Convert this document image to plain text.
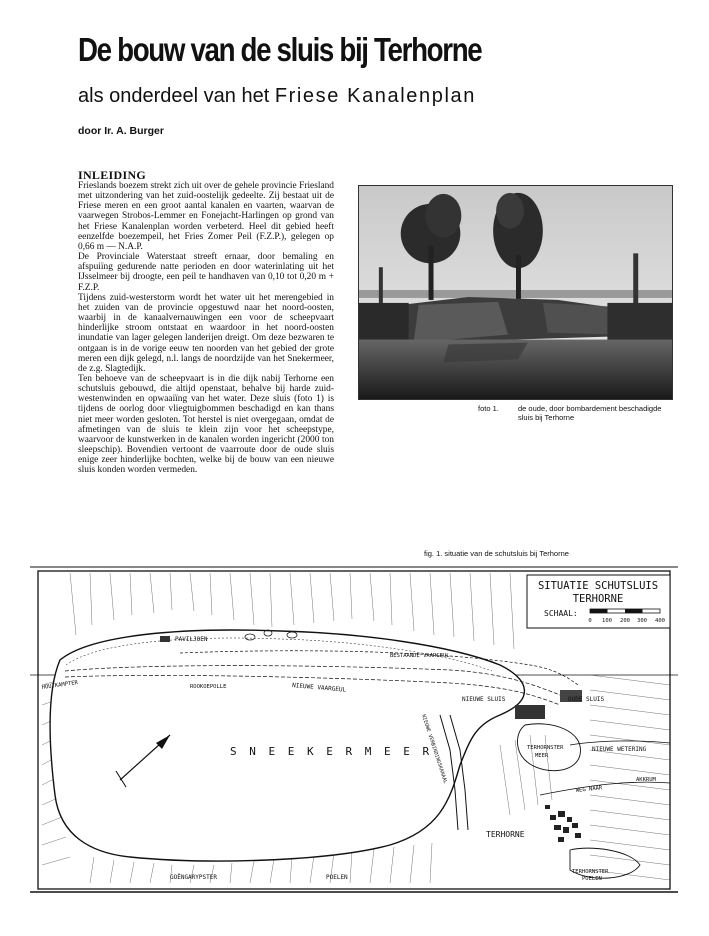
De bouw van de sluis bij Terhorne
als onderdeel van het Friese Kanalenplan
door Ir. A. Burger
INLEIDING

Frieslands boezem strekt zich uit over de gehele provincie Friesland met uitzondering van het zuid-oostelijk gedeelte. Zij bestaat uit de Friese meren en een groot aantal kanalen en vaarten, waarvan de vaarwegen Strobos-Lemmer en Fonejacht-Harlingen op grond van het Friese Kanalenplan worden verbeterd. Heel dit gebied heeft eenzelfde boezempeil, het Fries Zomer Peil (F.Z.P.), gelegen op 0,66 m — N.A.P.

De Provinciale Waterstaat streeft ernaar, door bemaling en afspuiïng gedurende natte perioden en door waterinlating uit het IJsselmeer bij droogte, een peil te handhaven van 0,10 tot 0,20 m + F.Z.P.

Tijdens zuid-westerstorm wordt het water uit het merengebied in het zuiden van de provincie opgestuwd naar het noord-oosten, waarbij in de kanaalvernauwingen een voor de scheepvaart hinderlijke stroom ontstaat en waardoor in het noord-oosten inundatie van lager gelegen landerijen dreigt. Om deze bezwaren te ontgaan is in de vorige eeuw ten noorden van het gebied der grote meren een dijk gelegd, n.l. langs de noordzijde van het Snekermeer, de z.g. Slagtedijk.

Ten behoeve van de scheepvaart is in die dijk nabij Terhorne een schutsluis gebouwd, die altijd openstaat, behalve bij harde zuid-westenwinden en opwaaiïng van het water. Deze sluis (foto 1) is tijdens de oorlog door vliegtuigbommen beschadigd en kan thans niet meer worden gesloten. Tot herstel is niet overgegaan, omdat de afmetingen van de sluis te klein zijn voor het scheepstype, waarvoor de kunstwerken in de kanalen worden ingericht (2000 ton sleepschip). Bovendien vertoont de vaarroute door de oude sluis enige zeer hinderlijke bochten, welke bij de bouw van een nieuwe sluis konden worden vermeden.

foto 1.	de oude, door bombardement beschadigde sluis bij Terhorne
fig. 1. situatie van de schutsluis bij Terhorne
SITUATIE SCHUTSLUIS
TERHORNE
SCHAAL:
0 100 200 300 400
S N E E K E R M E E R
PAVILJOEN
BESTAANDE VAARGEUL
NIEUWE VAARGEUL
ROOKOEPOLLE
HOUTKAMPTER
NIEUWE SLUIS	OUDE SLUIS
NIEUWE VERBINDINGSKANAAL	TERHORNSTER
MEER
NIEUWE WETERING
WEG NAAR
AKKRUM
TERHORNE
TERHORNSTER
POELEN
GOËNGARYPSTER	POELEN
